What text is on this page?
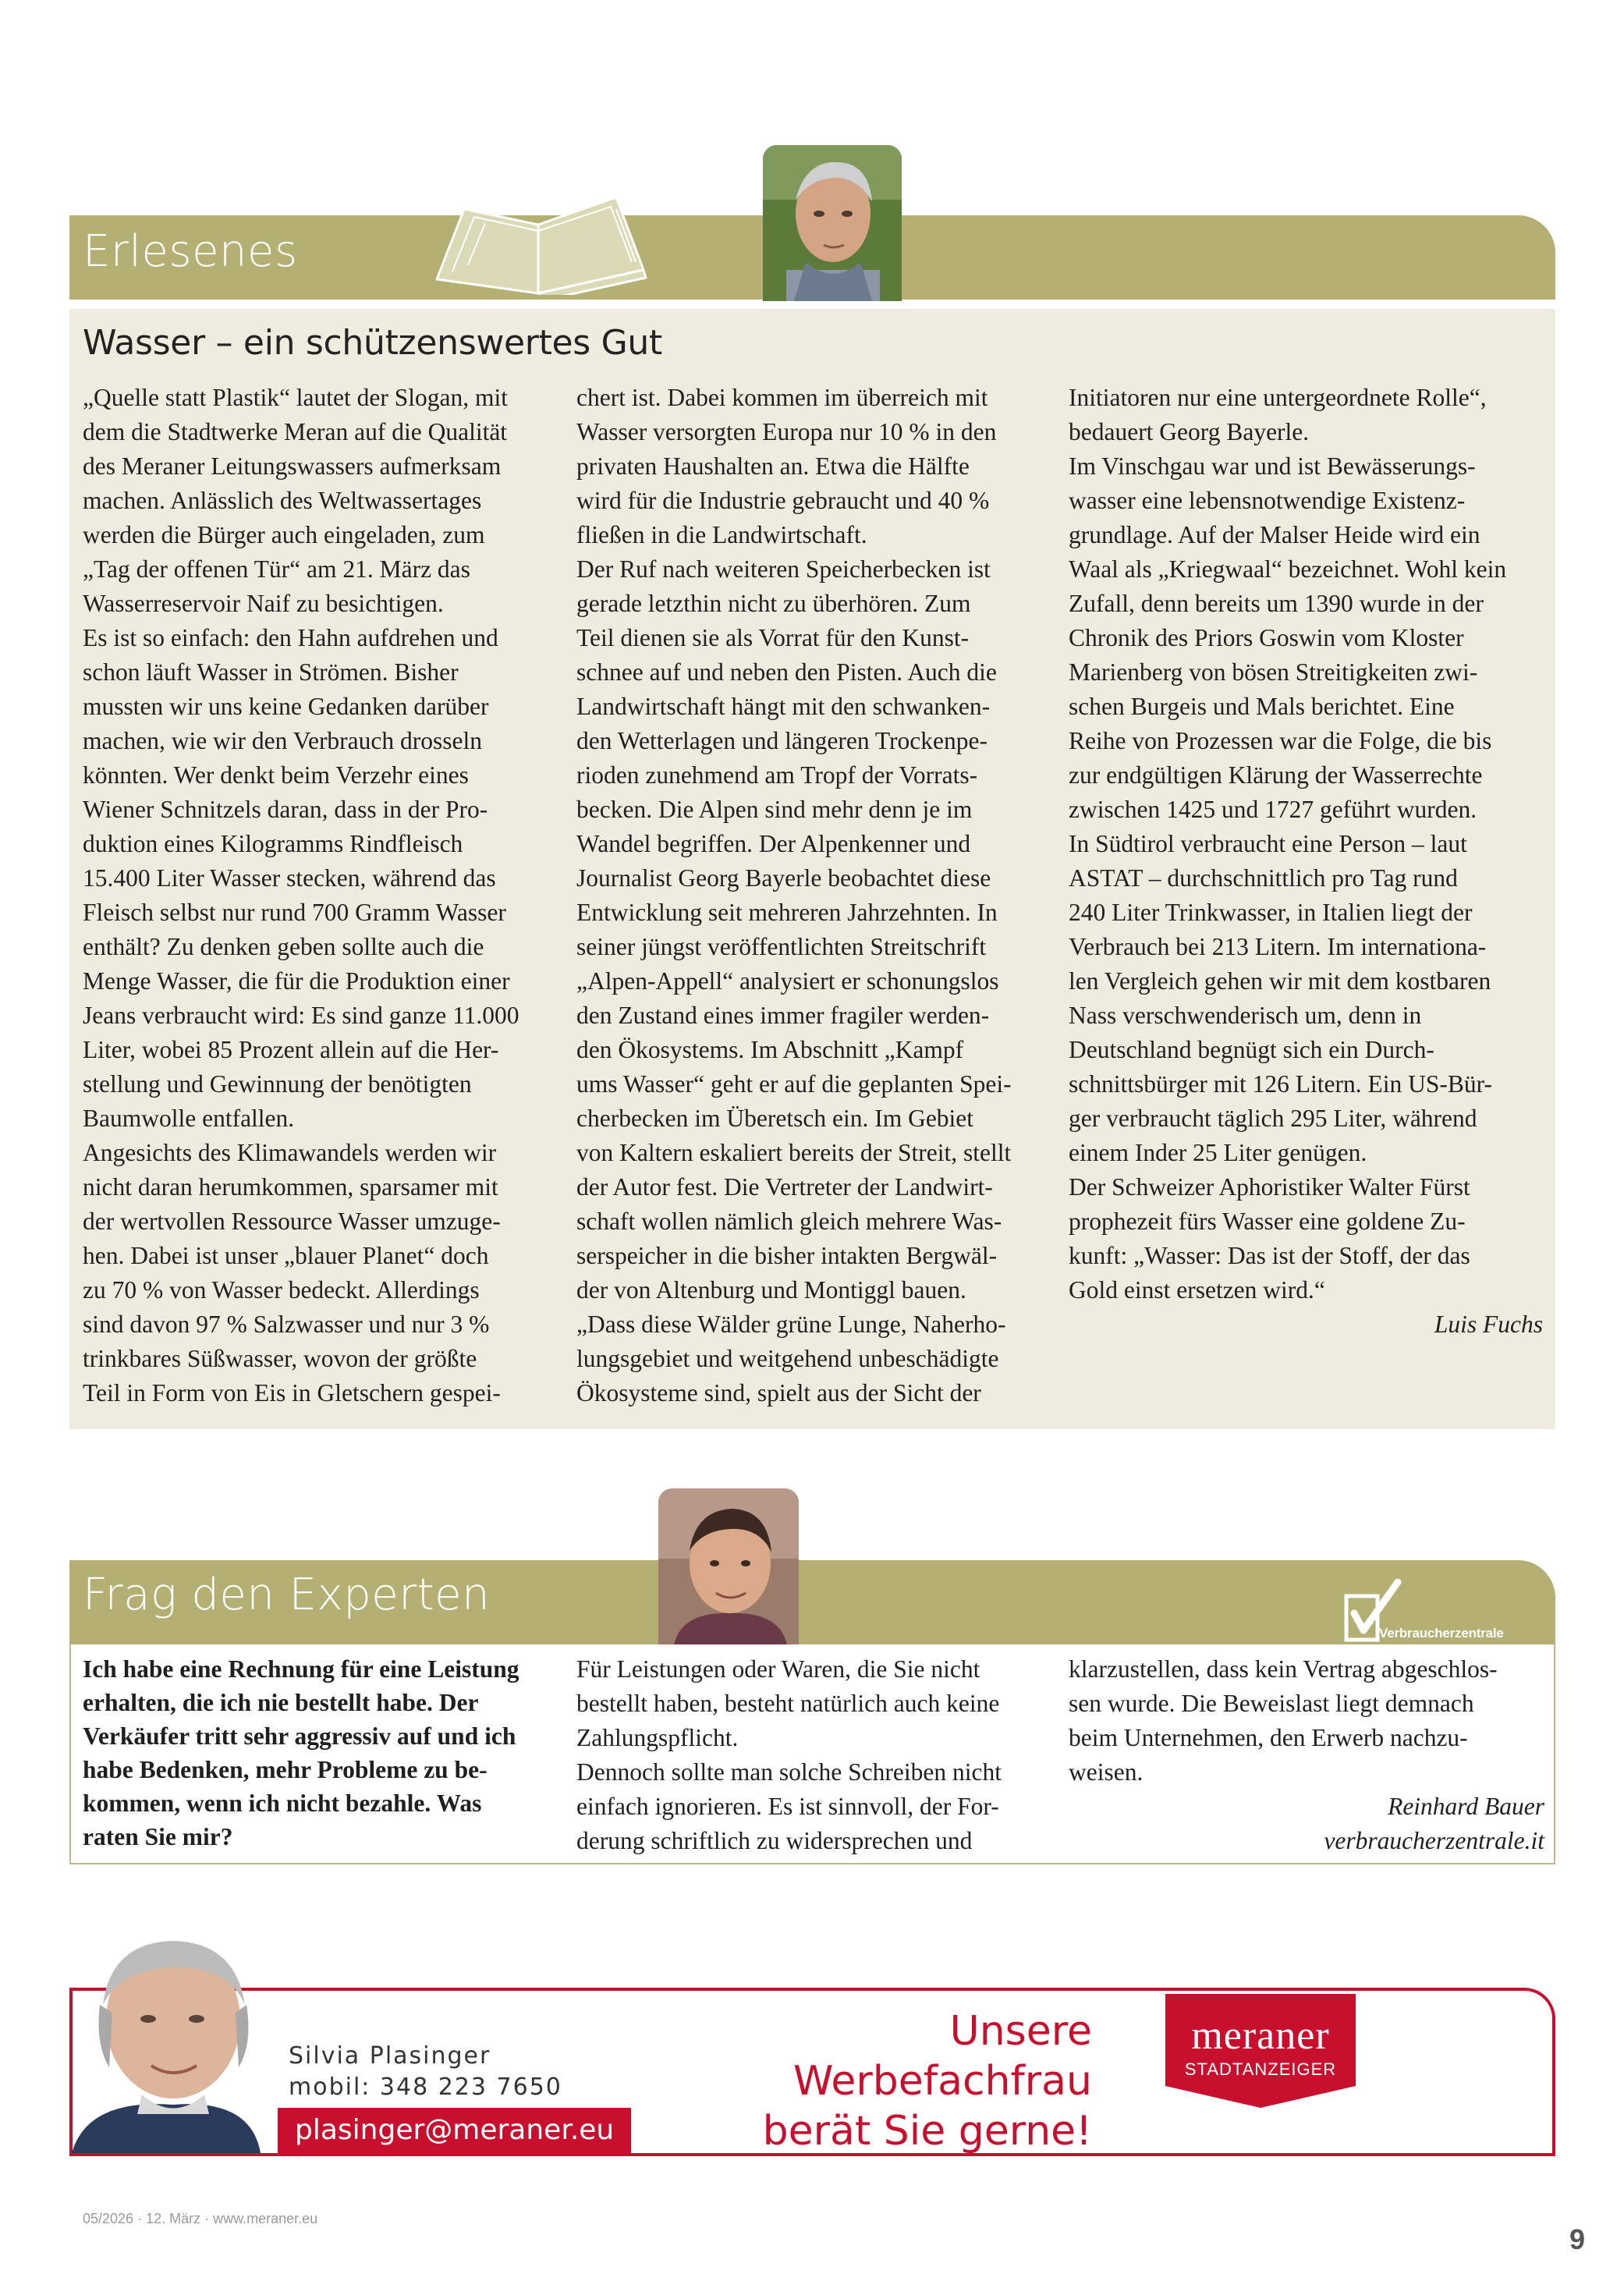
Erlesenes
Wasser – ein schützenswertes Gut

„Quelle statt Plastik“ lautet der Slogan, mit
dem die Stadtwerke Meran auf die Qualität
des Meraner Leitungswassers aufmerksam
machen. Anlässlich des Weltwassertages
werden die Bürger auch eingeladen, zum
„Tag der offenen Tür“ am 21. März das
Wasserreservoir Naif zu besichtigen.
Es ist so einfach: den Hahn aufdrehen und
schon läuft Wasser in Strömen. Bisher
mussten wir uns keine Gedanken darüber
machen, wie wir den Verbrauch drosseln
könnten. Wer denkt beim Verzehr eines
Wiener Schnitzels daran, dass in der Pro-
duktion eines Kilogramms Rindfleisch
15.400 Liter Wasser stecken, während das
Fleisch selbst nur rund 700 Gramm Wasser
enthält? Zu denken geben sollte auch die
Menge Wasser, die für die Produktion einer
Jeans verbraucht wird: Es sind ganze 11.000
Liter, wobei 85 Prozent allein auf die Her-
stellung und Gewinnung der benötigten
Baumwolle entfallen.
Angesichts des Klimawandels werden wir
nicht daran herumkommen, sparsamer mit
der wertvollen Ressource Wasser umzuge-
hen. Dabei ist unser „blauer Planet“ doch
zu 70 % von Wasser bedeckt. Allerdings
sind davon 97 % Salzwasser und nur 3 %
trinkbares Süßwasser, wovon der größte
Teil in Form von Eis in Gletschern gespei-

chert ist. Dabei kommen im überreich mit
Wasser versorgten Europa nur 10 % in den
privaten Haushalten an. Etwa die Hälfte
wird für die Industrie gebraucht und 40 %
fließen in die Landwirtschaft.
Der Ruf nach weiteren Speicherbecken ist
gerade letzthin nicht zu überhören. Zum
Teil dienen sie als Vorrat für den Kunst-
schnee auf und neben den Pisten. Auch die
Landwirtschaft hängt mit den schwanken-
den Wetterlagen und längeren Trockenpe-
rioden zunehmend am Tropf der Vorrats-
becken. Die Alpen sind mehr denn je im
Wandel begriffen. Der Alpenkenner und
Journalist Georg Bayerle beobachtet diese
Entwicklung seit mehreren Jahrzehnten. In
seiner jüngst veröffentlichten Streitschrift
„Alpen-Appell“ analysiert er schonungslos
den Zustand eines immer fragiler werden-
den Ökosystems. Im Abschnitt „Kampf
ums Wasser“ geht er auf die geplanten Spei-
cherbecken im Überetsch ein. Im Gebiet
von Kaltern eskaliert bereits der Streit, stellt
der Autor fest. Die Vertreter der Landwirt-
schaft wollen nämlich gleich mehrere Was-
serspeicher in die bisher intakten Bergwäl-
der von Altenburg und Montiggl bauen.
„Dass diese Wälder grüne Lunge, Naherho-
lungsgebiet und weitgehend unbeschädigte
Ökosysteme sind, spielt aus der Sicht der

Initiatoren nur eine untergeordnete Rolle“,
bedauert Georg Bayerle.
Im Vinschgau war und ist Bewässerungs-
wasser eine lebensnotwendige Existenz-
grundlage. Auf der Malser Heide wird ein
Waal als „Kriegwaal“ bezeichnet. Wohl kein
Zufall, denn bereits um 1390 wurde in der
Chronik des Priors Goswin vom Kloster
Marienberg von bösen Streitigkeiten zwi-
schen Burgeis und Mals berichtet. Eine
Reihe von Prozessen war die Folge, die bis
zur endgültigen Klärung der Wasserrechte
zwischen 1425 und 1727 geführt wurden.
In Südtirol verbraucht eine Person – laut
ASTAT – durchschnittlich pro Tag rund
240 Liter Trinkwasser, in Italien liegt der
Verbrauch bei 213 Litern. Im internationa-
len Vergleich gehen wir mit dem kostbaren
Nass verschwenderisch um, denn in
Deutschland begnügt sich ein Durch-
schnittsbürger mit 126 Litern. Ein US-Bür-
ger verbraucht täglich 295 Liter, während
einem Inder 25 Liter genügen.
Der Schweizer Aphoristiker Walter Fürst
prophezeit fürs Wasser eine goldene Zu-
kunft: „Wasser: Das ist der Stoff, der das
Gold einst ersetzen wird.“

Luis Fuchs

Frag den Experten
Verbraucherzentrale

Ich habe eine Rechnung für eine Leistung
erhalten, die ich nie bestellt habe. Der
Verkäufer tritt sehr aggressiv auf und ich
habe Bedenken, mehr Probleme zu be-
kommen, wenn ich nicht bezahle. Was
raten Sie mir?

Für Leistungen oder Waren, die Sie nicht
bestellt haben, besteht natürlich auch keine
Zahlungspflicht.
Dennoch sollte man solche Schreiben nicht
einfach ignorieren. Es ist sinnvoll, der For-
derung schriftlich zu widersprechen und

klarzustellen, dass kein Vertrag abgeschlos-
sen wurde. Die Beweislast liegt demnach
beim Unternehmen, den Erwerb nachzu-
weisen.

Reinhard Bauer

verbraucherzentrale.it

Silvia Plasinger
mobil: 348 223 7650
plasinger@meraner.eu
Unsere Werbefachfrau
berät Sie gerne!
meraner
STADTANZEIGER
05/2026 · 12. März · www.meraner.eu
9
